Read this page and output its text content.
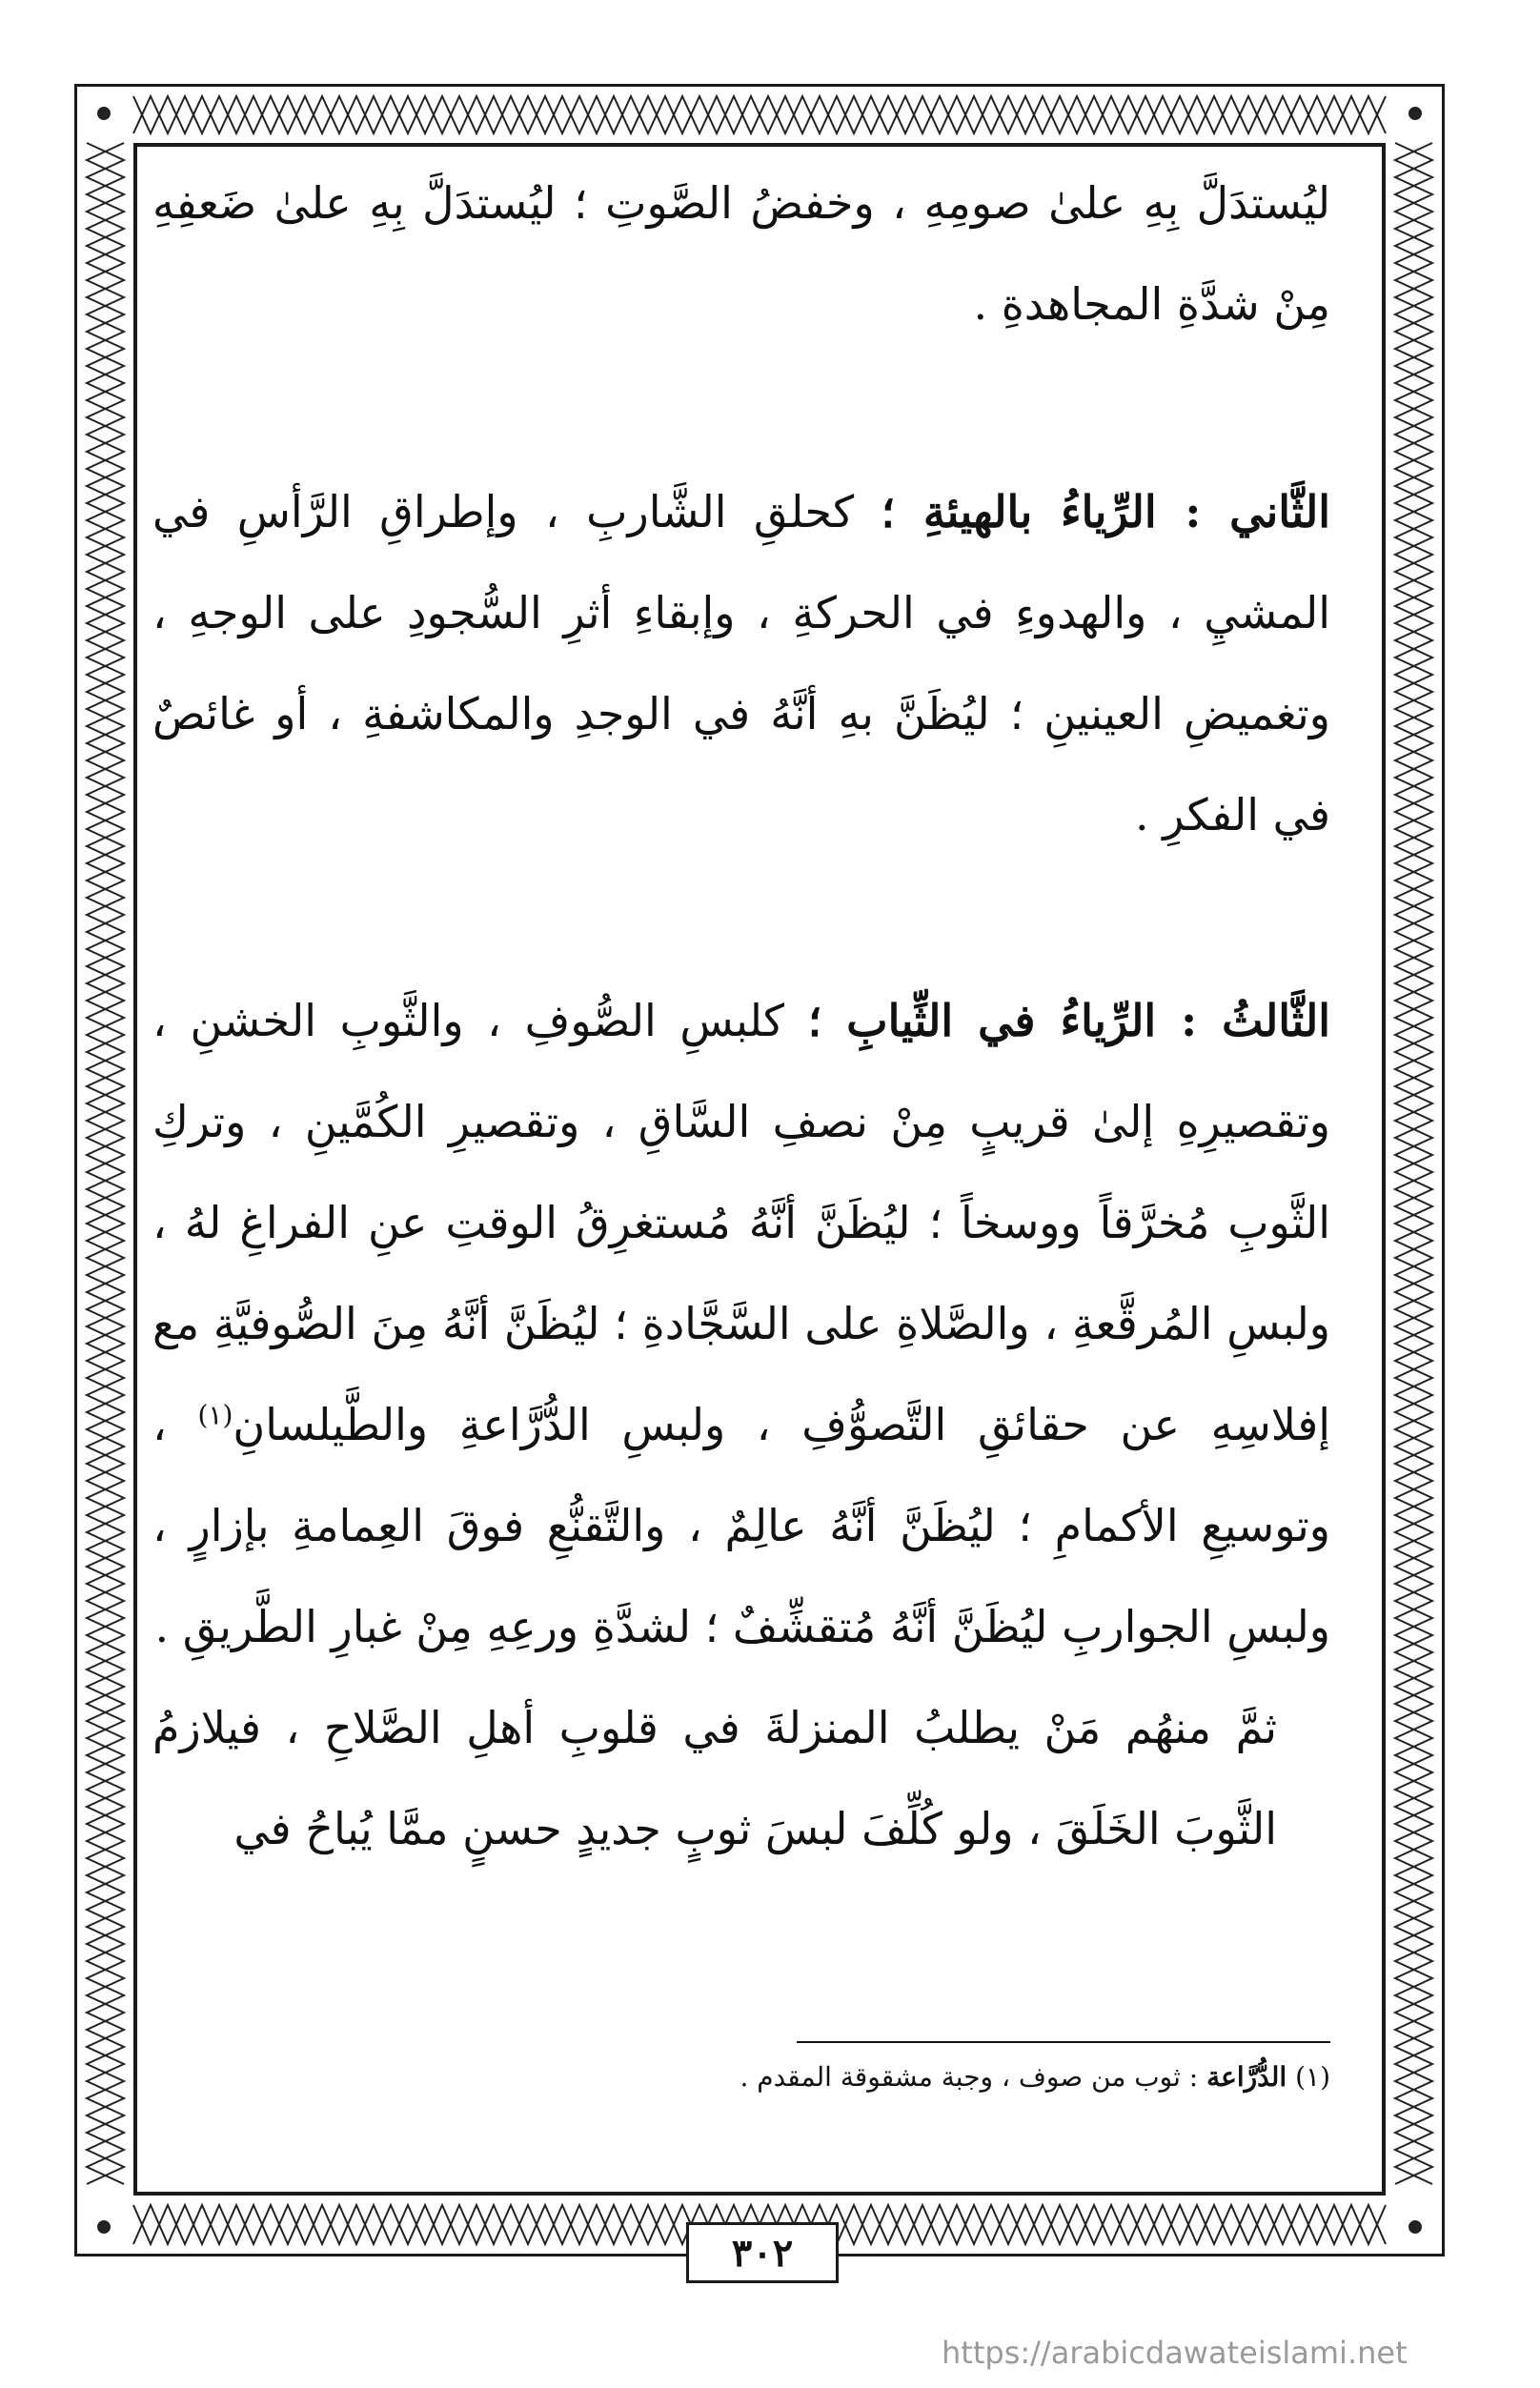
ليُستدَلَّ بِهِ علىٰ صومِهِ ، وخفضُ الصَّوتِ ؛ ليُستدَلَّ بِهِ علىٰ ضَعفِهِ مِنْ شدَّةِ المجاهدةِ .

الثَّاني : الرِّياءُ بالهيئةِ ؛ كحلقِ الشَّاربِ ، وإطراقِ الرَّأسِ في المشيِ ، والهدوءِ في الحركةِ ، وإبقاءِ أثرِ السُّجودِ على الوجهِ ، وتغميضِ العينينِ ؛ ليُظَنَّ بهِ أنَّهُ في الوجدِ والمكاشفةِ ، أو غائصٌ في الفكرِ .

الثَّالثُ : الرِّياءُ في الثِّيابِ ؛ كلبسِ الصُّوفِ ، والثَّوبِ الخشنِ ، وتقصيرِهِ إلىٰ قريبٍ مِنْ نصفِ السَّاقِ ، وتقصيرِ الكُمَّينِ ، وتركِ الثَّوبِ مُخرَّقاً ووسخاً ؛ ليُظَنَّ أنَّهُ مُستغرِقُ الوقتِ عنِ الفراغِ لهُ ، ولبسِ المُرقَّعةِ ، والصَّلاةِ على السَّجَّادةِ ؛ ليُظَنَّ أنَّهُ مِنَ الصُّوفيَّةِ مع إفلاسِهِ عن حقائقِ التَّصوُّفِ ، ولبسِ الدُّرَّاعةِ والطَّيلسانِ$^{(١)}$ ، وتوسيعِ الأكمامِ ؛ ليُظَنَّ أنَّهُ عالِمٌ ، والتَّقنُّعِ فوقَ العِمامةِ بإزارٍ ، ولبسِ الجواربِ ليُظَنَّ أنَّهُ مُتقشِّفٌ ؛ لشدَّةِ ورعِهِ مِنْ غبارِ الطَّريقِ .

ثمَّ منهُم مَنْ يطلبُ المنزلةَ في قلوبِ أهلِ الصَّلاحِ ، فيلازمُ الثَّوبَ الخَلَقَ ، ولو كُلِّفَ لبسَ ثوبٍ جديدٍ حسنٍ ممَّا يُباحُ في

(١) الدُّرَّاعة : ثوب من صوف ، وجبة مشقوقة المقدم .
٣٠٢
https://arabicdawateislami.net
